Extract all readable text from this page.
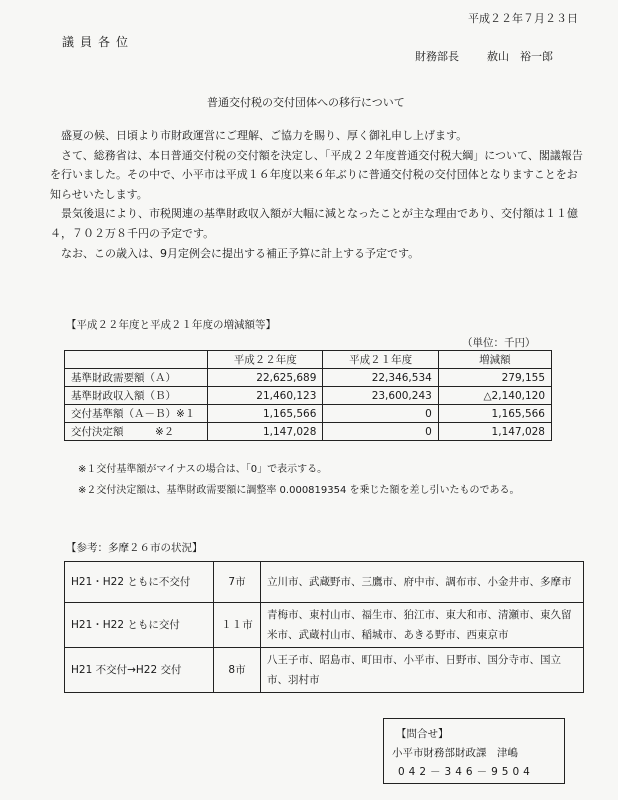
平成２２年７月２３日
議員各位
財務部長	赦山　裕一郎
普通交付税の交付団体への移行について

盛夏の候、日頃より市財政運営にご理解、ご協力を賜り、厚く御礼申し上げます。

さて、総務省は、本日普通交付税の交付額を決定し、「平成２２年度普通交付税大綱」について、閣議報告を行いました。その中で、小平市は平成１６年度以来６年ぶりに普通交付税の交付団体となりますことをお知らせいたします。

景気後退により、市税関連の基準財政収入額が大幅に減となったことが主な理由であり、交付額は１１億４，７０２万８千円の予定です。

なお、この歳入は、9月定例会に提出する補正予算に計上する予定です。

【平成２２年度と平成２１年度の増減額等】
（単位：千円）
	平成２２年度	平成２１年度	増減額
基準財政需要額（Ａ）	22,625,689	22,346,534	279,155
基準財政収入額（Ｂ）	21,460,123	23,600,243	△2,140,120
交付基準額（Ａ－Ｂ）※１	1,165,566	0	1,165,566
交付決定額　　　※２	1,147,028	0	1,147,028
※１交付基準額がマイナスの場合は、「0」で表示する。
※２交付決定額は、基準財政需要額に調整率 0.000819354 を乗じた額を差し引いたものである。
【参考：多摩２６市の状況】
H21・H22 ともに不交付	7市	立川市、武蔵野市、三鷹市、府中市、調布市、小金井市、多摩市
H21・H22 ともに交付	１１市	青梅市、東村山市、福生市、狛江市、東大和市、清瀬市、東久留米市、武蔵村山市、稲城市、あきる野市、西東京市
H21 不交付→H22 交付	8市	八王子市、昭島市、町田市、小平市、日野市、国分寺市、国立市、羽村市
【問合せ】
小平市財務部財政課　津嶋
042－346－9504
